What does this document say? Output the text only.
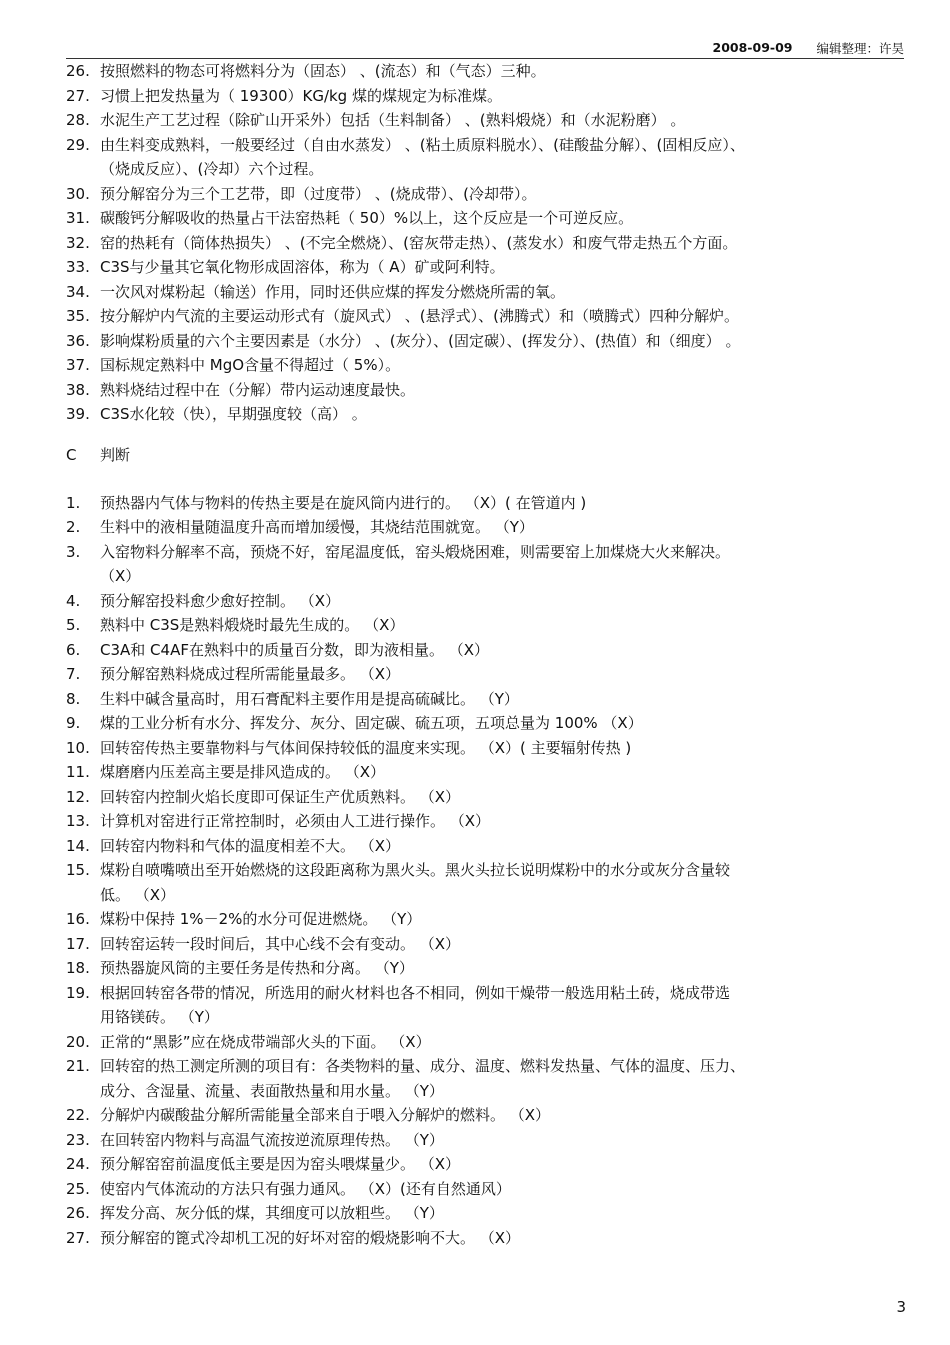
2008-09-09 编辑整理：许昊
26. 按照燃料的物态可将燃料分为（固态） 、(流态）和（气态）三种。
27. 习惯上把发热量为（ 19300）KG/kg 煤的煤规定为标准煤。
28. 水泥生产工艺过程（除矿山开采外）包括（生料制备） 、(熟料煅烧）和（水泥粉磨） 。
29. 由生料变成熟料，一般要经过（自由水蒸发） 、(粘土质原料脱水）、(硅酸盐分解）、(固相反应）、
（烧成反应）、(冷却）六个过程。
30. 预分解窑分为三个工艺带，即（过度带） 、(烧成带）、(冷却带）。
31. 碳酸钙分解吸收的热量占干法窑热耗（ 50）%以上，这个反应是一个可逆反应。
32. 窑的热耗有（筒体热损失） 、(不完全燃烧）、(窑灰带走热）、(蒸发水）和废气带走热五个方面。
33. C3S与少量其它氧化物形成固溶体，称为（ A）矿或阿利特。
34. 一次风对煤粉起（输送）作用，同时还供应煤的挥发分燃烧所需的氧。
35. 按分解炉内气流的主要运动形式有（旋风式） 、(悬浮式）、(沸腾式）和（喷腾式）四种分解炉。
36. 影响煤粉质量的六个主要因素是（水分） 、(灰分）、(固定碳）、(挥发分）、(热值）和（细度） 。
37. 国标规定熟料中 MgO含量不得超过（ 5%）。
38. 熟料烧结过程中在（分解）带内运动速度最快。
39. C3S水化较（快），早期强度较（高） 。
C	判断
1.	预热器内气体与物料的传热主要是在旋风筒内进行的。 （X）( 在管道内 )
2.	生料中的液相量随温度升高而增加缓慢，其烧结范围就宽。 （Y）
3.	入窑物料分解率不高，预烧不好，窑尾温度低，窑头煅烧困难，则需要窑上加煤烧大火来解决。
（X）
4.	预分解窑投料愈少愈好控制。 （X）
5.	熟料中 C3S是熟料煅烧时最先生成的。 （X）
6.	C3A和 C4AF在熟料中的质量百分数，即为液相量。 （X）
7.	预分解窑熟料烧成过程所需能量最多。 （X）
8.	生料中碱含量高时，用石膏配料主要作用是提高硫碱比。 （Y）
9.	煤的工业分析有水分、挥发分、灰分、固定碳、硫五项，五项总量为 100% （X）
10. 回转窑传热主要靠物料与气体间保持较低的温度来实现。 （X）( 主要辐射传热 )
11. 煤磨磨内压差高主要是排风造成的。 （X）
12. 回转窑内控制火焰长度即可保证生产优质熟料。 （X）
13. 计算机对窑进行正常控制时，必须由人工进行操作。 （X）
14. 回转窑内物料和气体的温度相差不大。 （X）
15. 煤粉自喷嘴喷出至开始燃烧的这段距离称为黑火头。黑火头拉长说明煤粉中的水分或灰分含量较
低。 （X）
16. 煤粉中保持 1%－2%的水分可促进燃烧。 （Y）
17. 回转窑运转一段时间后，其中心线不会有变动。 （X）
18. 预热器旋风筒的主要任务是传热和分离。 （Y）
19. 根据回转窑各带的情况，所选用的耐火材料也各不相同，例如干燥带一般选用粘土砖，烧成带选
用铬镁砖。 （Y）
20. 正常的“黑影”应在烧成带端部火头的下面。 （X）
21. 回转窑的热工测定所测的项目有：各类物料的量、成分、温度、燃料发热量、气体的温度、压力、
成分、含湿量、流量、表面散热量和用水量。 （Y）
22. 分解炉内碳酸盐分解所需能量全部来自于喂入分解炉的燃料。 （X）
23. 在回转窑内物料与高温气流按逆流原理传热。 （Y）
24. 预分解窑窑前温度低主要是因为窑头喂煤量少。 （X）
25. 使窑内气体流动的方法只有强力通风。 （X）(还有自然通风）
26. 挥发分高、灰分低的煤，其细度可以放粗些。 （Y）
27. 预分解窑的篦式冷却机工况的好坏对窑的煅烧影响不大。 （X）
3
